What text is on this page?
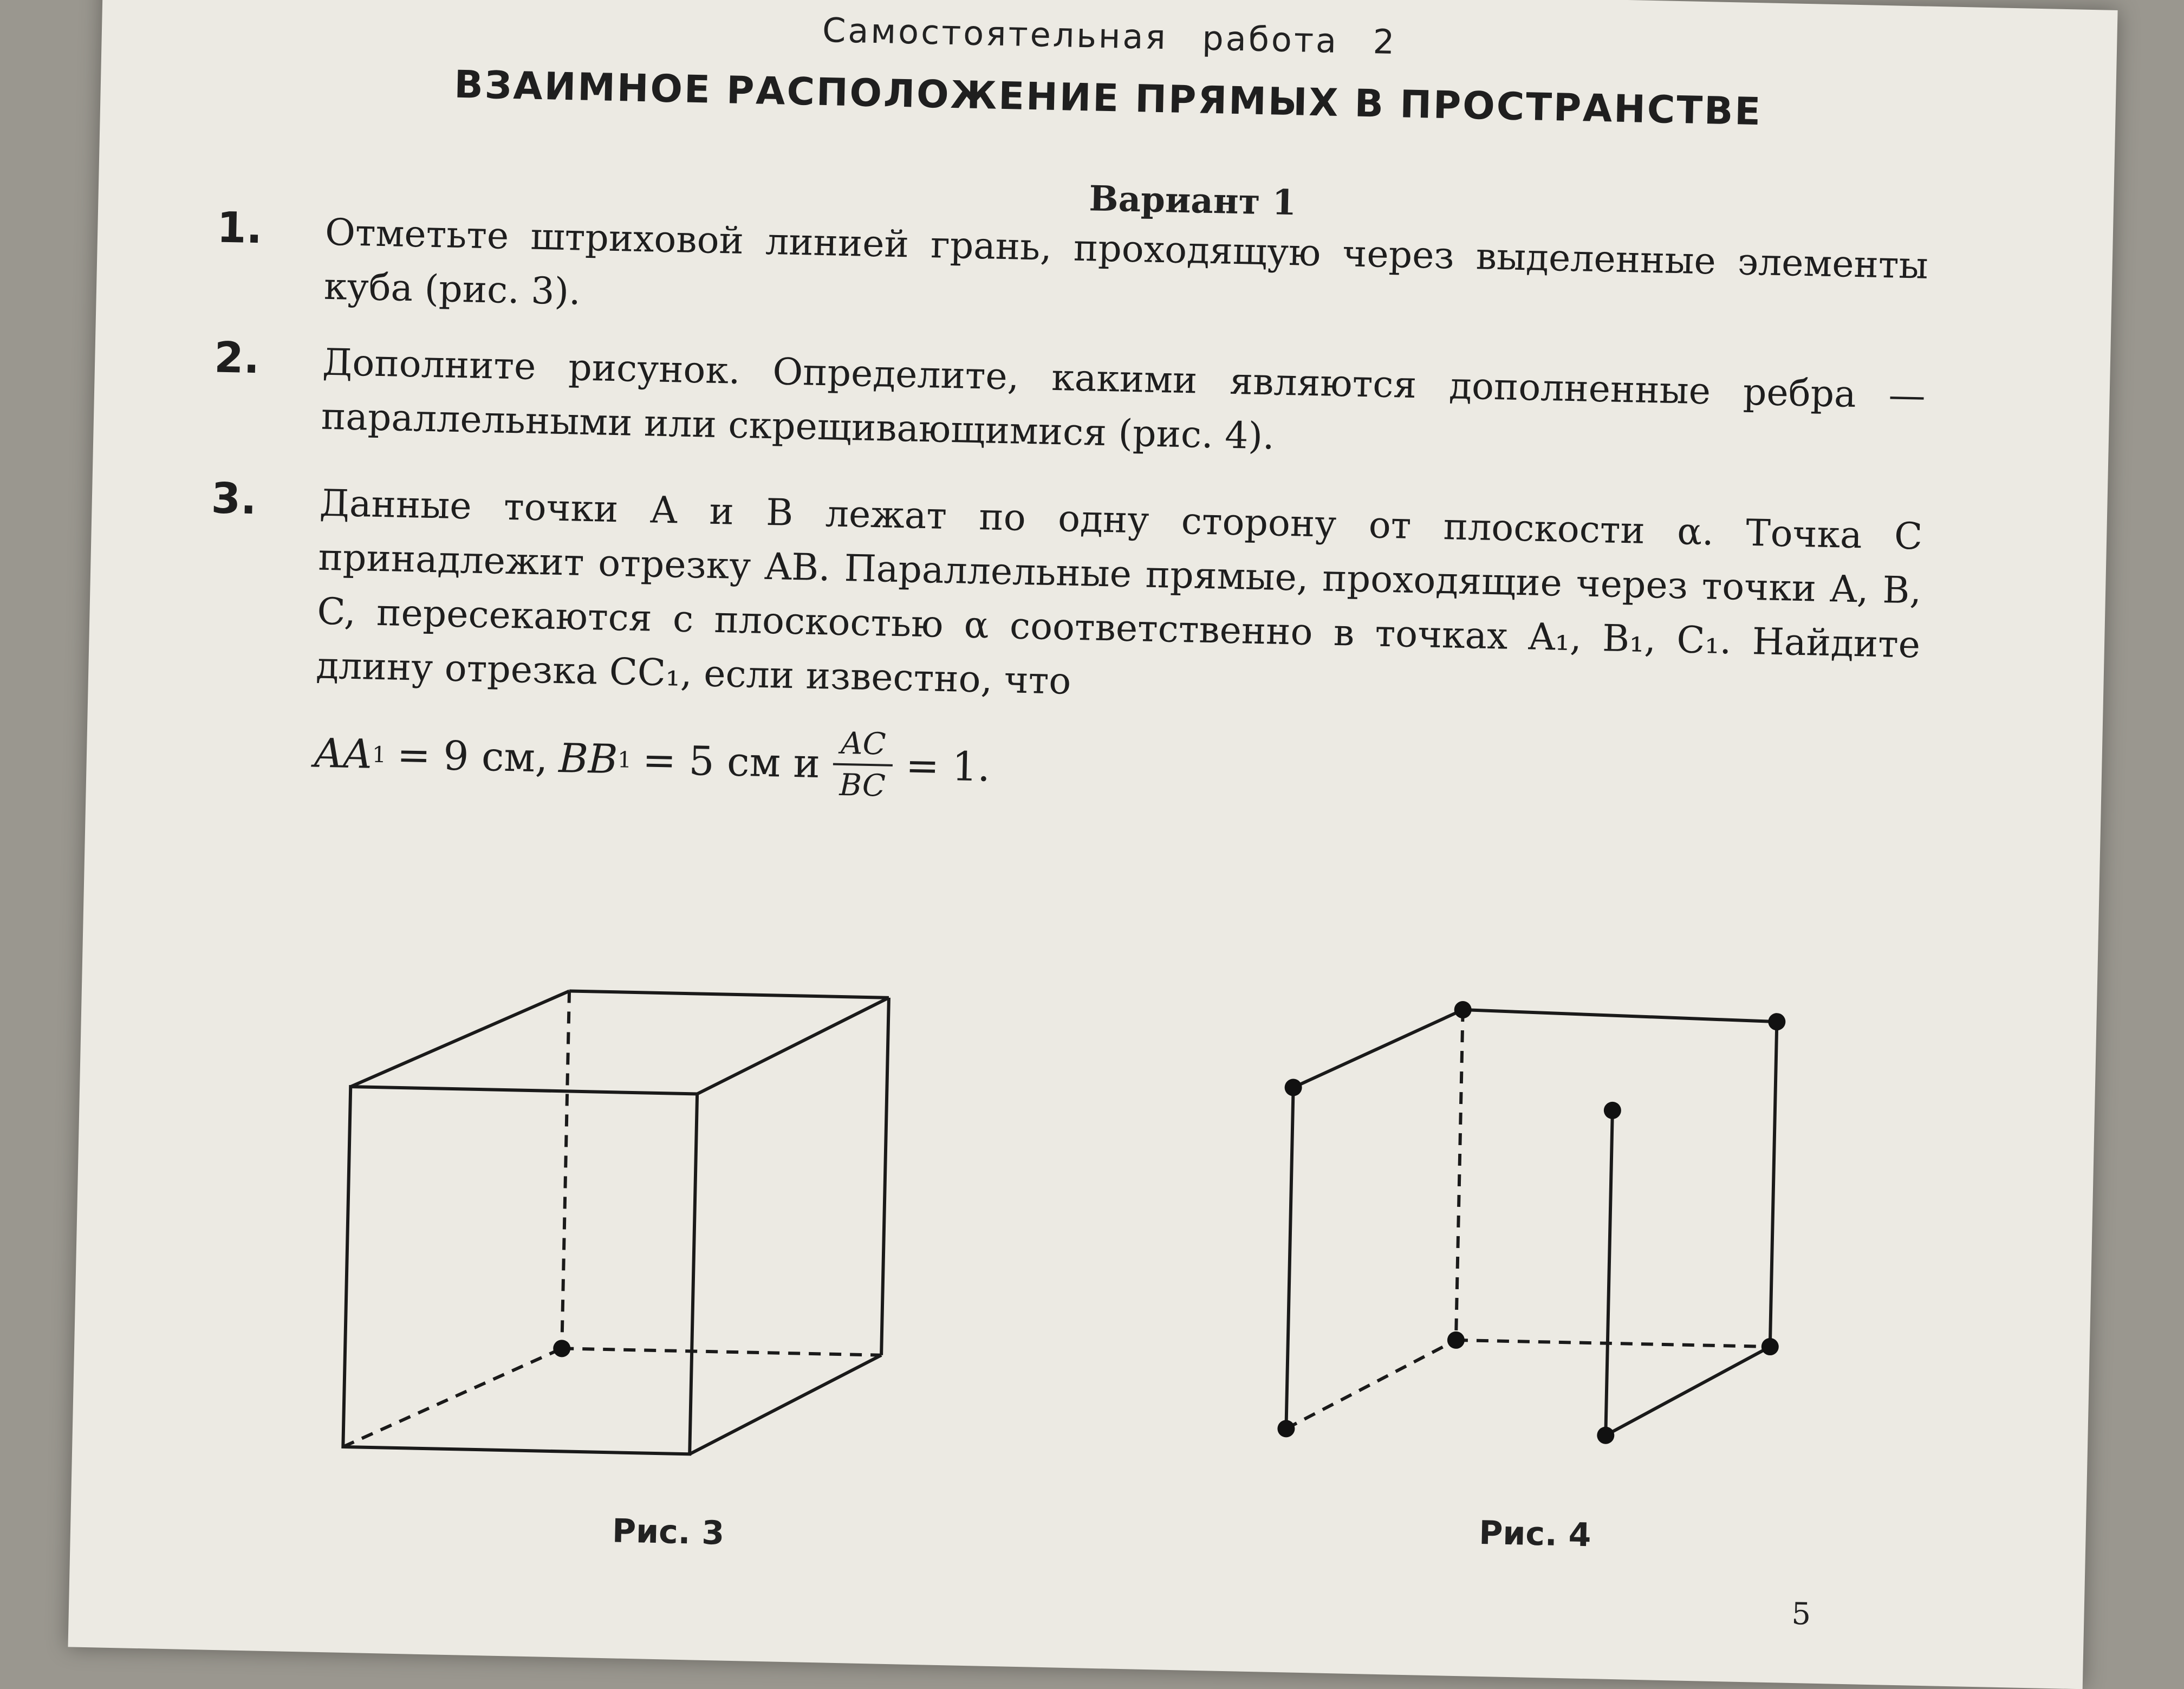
Самостоятельная работа 2
ВЗАИМНОЕ РАСПОЛОЖЕНИЕ ПРЯМЫХ В ПРОСТРАНСТВЕ
Вариант 1
1. Отметьте штриховой линией грань, проходящую через выделенные элементы куба (рис. 3).
2. Дополните рисунок. Определите, какими являются дополненные ребра — параллельными или скрещивающимися (рис. 4).
3. Данные точки A и B лежат по одну сторону от плоскости α. Точка C принадлежит отрезку AB. Параллельные прямые, проходящие через точки A, B, C, пересекаются с плоскостью α соответственно в точках A₁, B₁, C₁. Найдите длину отрезка CC₁, если известно, что
AA
1 = 9 см, BB
1 = 5 см и AC
BC = 1.
Рис. 3	Рис. 4
5
